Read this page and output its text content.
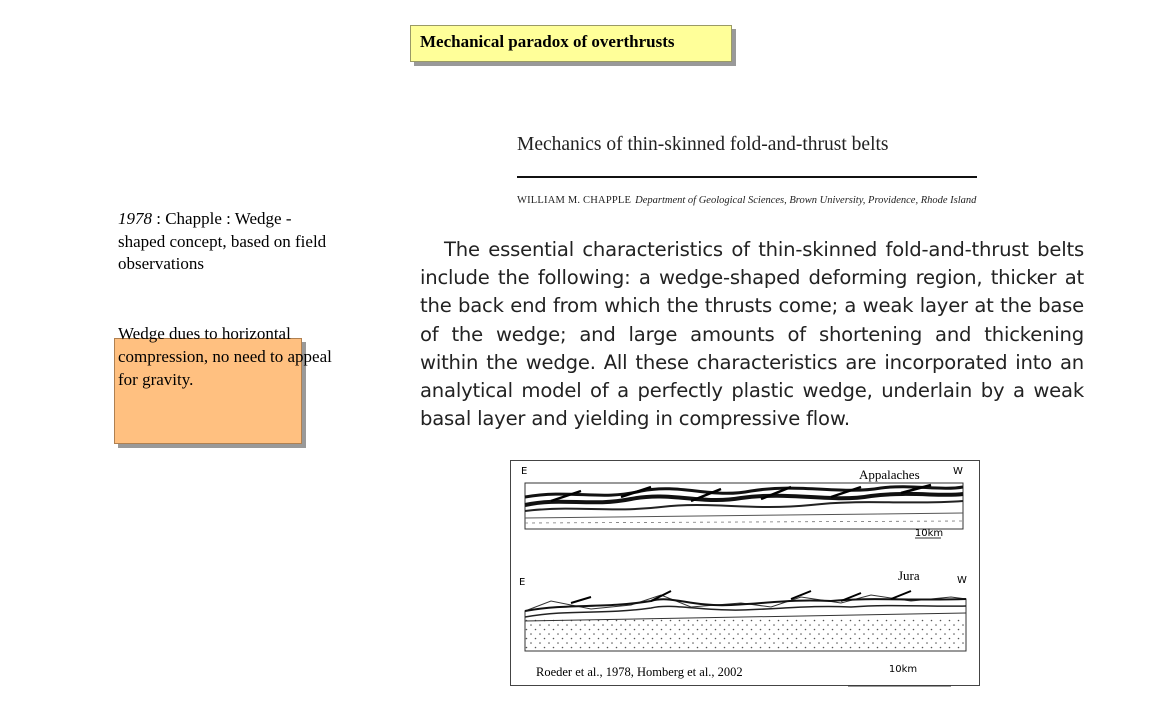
Mechanical paradox of overthrusts
Mechanics of thin-skinned fold-and-thrust belts
WILLIAM M. CHAPPLE Department of Geological Sciences, Brown University, Providence, Rhode Island
The essential characteristics of thin-skinned fold-and-thrust belts include the following: a wedge-shaped deforming region, thicker at the back end from which the thrusts come; a weak layer at the base of the wedge; and large amounts of shortening and thickening within the wedge. All these characteristics are incorporated into an analytical model of a perfectly plastic wedge, underlain by a weak basal layer and yielding in compressive flow.
1978 : Chapple : Wedge -shaped concept, based on field observations
Wedge dues to horizontal compression, no need to appeal for gravity.
E	Appalaches	W
10km
E	Jura	W
10km
Roeder et al., 1978, Homberg et al., 2002
